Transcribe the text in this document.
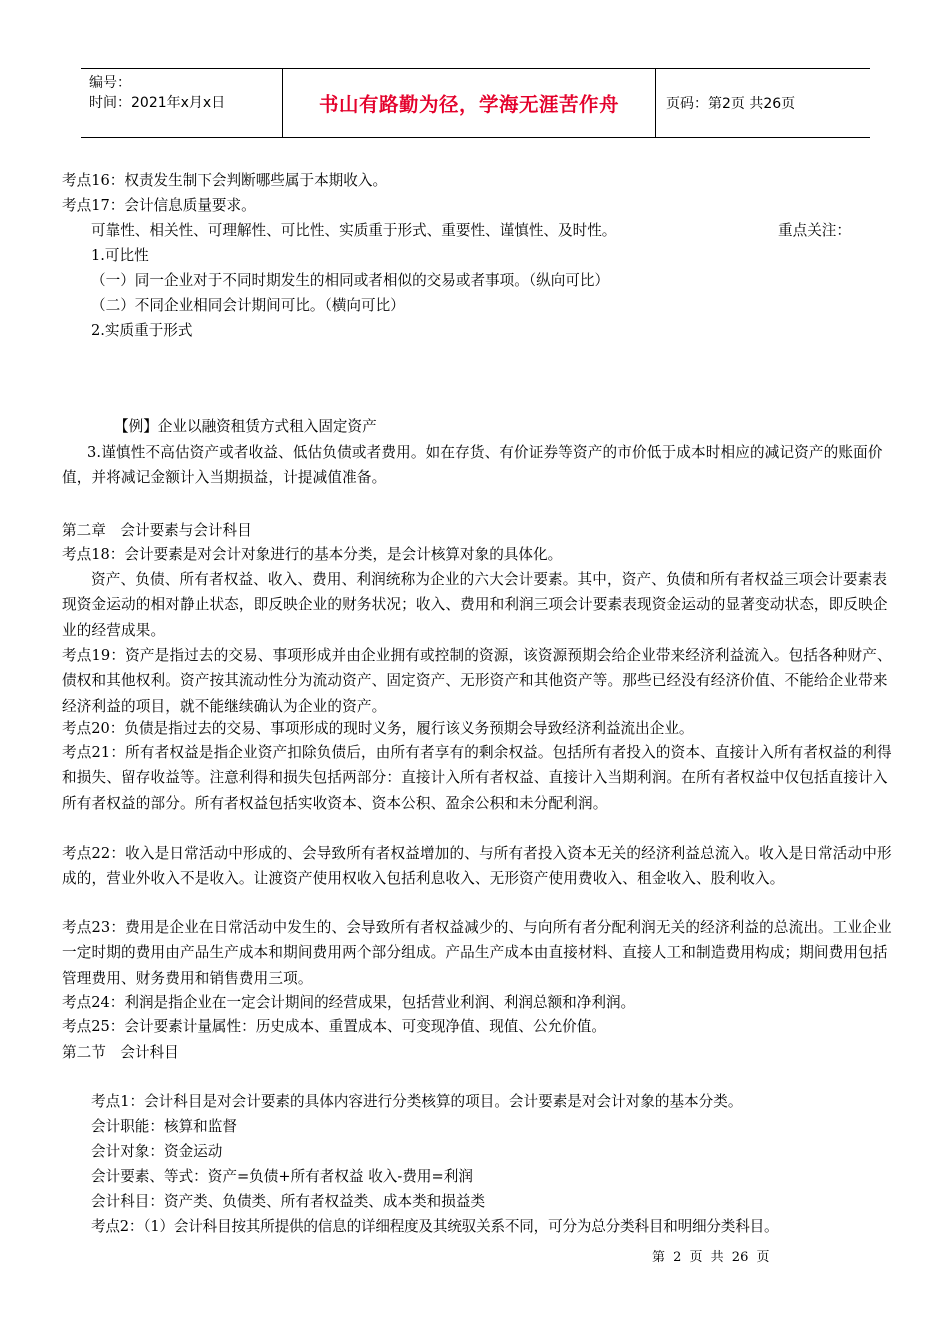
编号：
时间：2021年x月x日	书山有路勤为径，学海无涯苦作舟	页码：第2页 共26页
考点16：权责发生制下会判断哪些属于本期收入。
考点17：会计信息质量要求。
可靠性、相关性、可理解性、可比性、实质重于形式、重要性、谨慎性、及时性。	重点关注：
1.可比性
（一）同一企业对于不同时期发生的相同或者相似的交易或者事项。（纵向可比）
（二）不同企业相同会计期间可比。（横向可比）
2.实质重于形式
【例】企业以融资租赁方式租入固定资产
3.谨慎性不高估资产或者收益、低估负债或者费用。如在存货、有价证券等资产的市价低于成本时相应的减记资产的账面价值，并将减记金额计入当期损益，计提减值准备。
第二章　会计要素与会计科目
考点18：会计要素是对会计对象进行的基本分类，是会计核算对象的具体化。
资产、负债、所有者权益、收入、费用、利润统称为企业的六大会计要素。其中，资产、负债和所有者权益三项会计要素表现资金运动的相对静止状态，即反映企业的财务状况；收入、费用和利润三项会计要素表现资金运动的显著变动状态，即反映企业的经营成果。
考点19：资产是指过去的交易、事项形成并由企业拥有或控制的资源，该资源预期会给企业带来经济利益流入。包括各种财产、债权和其他权利。资产按其流动性分为流动资产、固定资产、无形资产和其他资产等。那些已经没有经济价值、不能给企业带来经济利益的项目，就不能继续确认为企业的资产。
考点20：负债是指过去的交易、事项形成的现时义务，履行该义务预期会导致经济利益流出企业。
考点21：所有者权益是指企业资产扣除负债后，由所有者享有的剩余权益。包括所有者投入的资本、直接计入所有者权益的利得和损失、留存收益等。注意利得和损失包括两部分：直接计入所有者权益、直接计入当期利润。在所有者权益中仅包括直接计入所有者权益的部分。所有者权益包括实收资本、资本公积、盈余公积和未分配利润。
考点22：收入是日常活动中形成的、会导致所有者权益增加的、与所有者投入资本无关的经济利益总流入。收入是日常活动中形成的，营业外收入不是收入。让渡资产使用权收入包括利息收入、无形资产使用费收入、租金收入、股利收入。
考点23：费用是企业在日常活动中发生的、会导致所有者权益减少的、与向所有者分配利润无关的经济利益的总流出。工业企业一定时期的费用由产品生产成本和期间费用两个部分组成。产品生产成本由直接材料、直接人工和制造费用构成；期间费用包括管理费用、财务费用和销售费用三项。
考点24：利润是指企业在一定会计期间的经营成果，包括营业利润、利润总额和净利润。
考点25：会计要素计量属性：历史成本、重置成本、可变现净值、现值、公允价值。
第二节　会计科目
考点1：会计科目是对会计要素的具体内容进行分类核算的项目。会计要素是对会计对象的基本分类。
会计职能：核算和监督
会计对象：资金运动
会计要素、等式：资产=负债+所有者权益 收入-费用=利润
会计科目：资产类、负债类、所有者权益类、成本类和损益类
考点2：（1）会计科目按其所提供的信息的详细程度及其统驭关系不同，可分为总分类科目和明细分类科目。
第 2 页 共 26 页
